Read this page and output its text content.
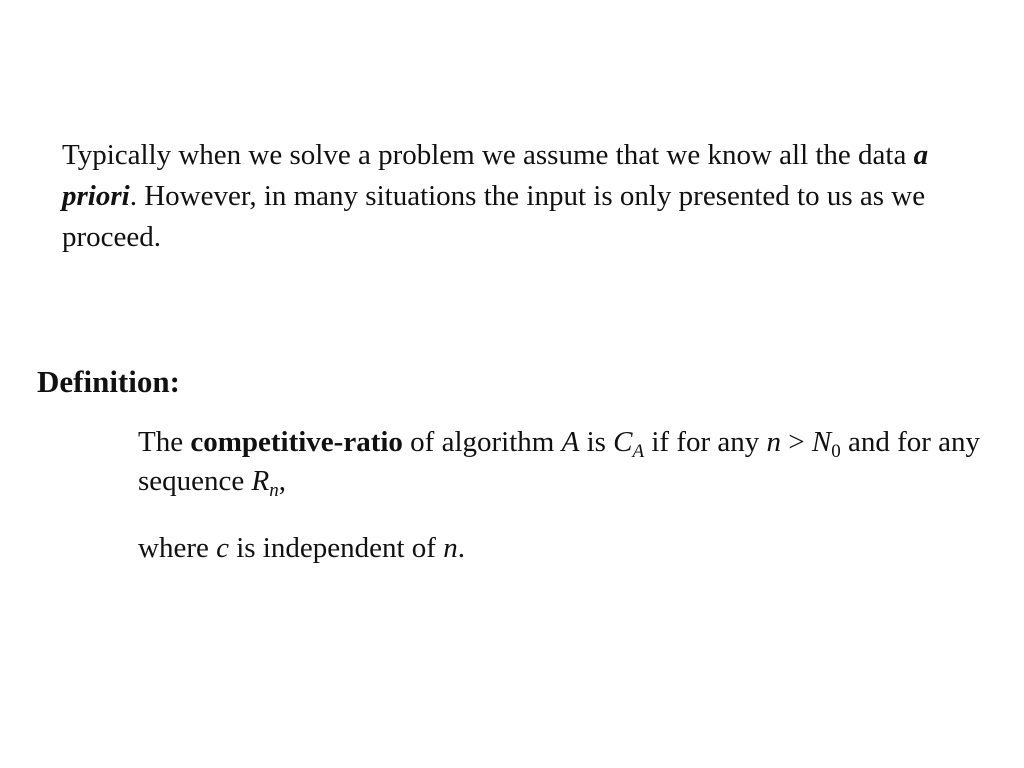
Typically when we solve a problem we assume that we know all the data a priori. However, in many situations the input is only presented to us as we proceed.

Definition:

The competitive-ratio of algorithm A is $C_A$ if for any $n > N_0$ and for any sequence $R_n$,

where c is independent of n.
